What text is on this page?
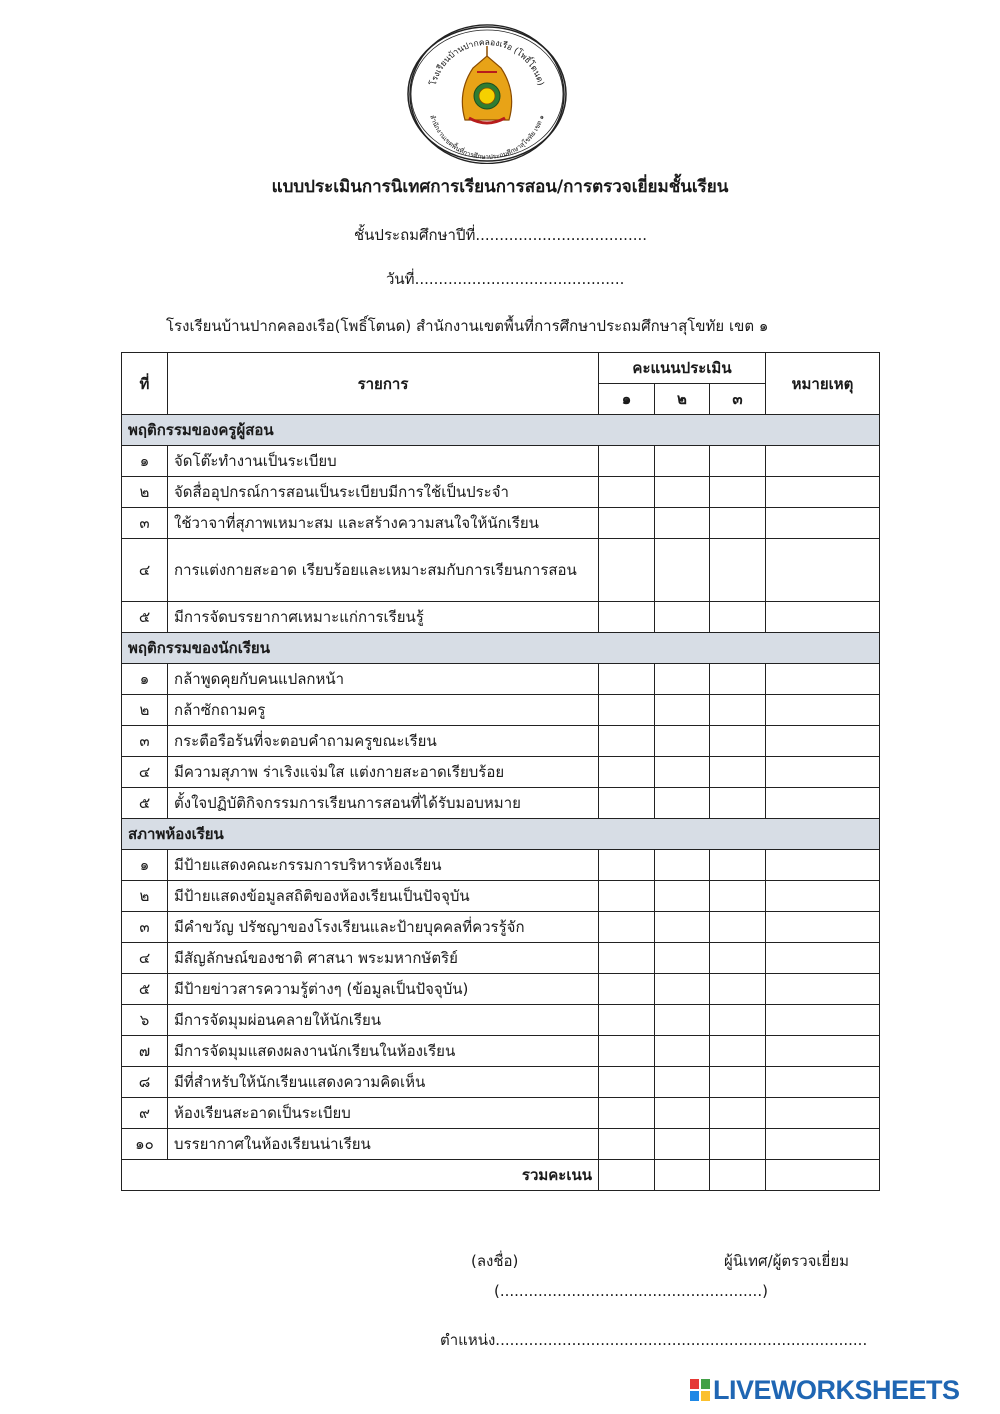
โรงเรียนบ้านปากคลองเรือ (โพธิ์โตนด)
สำนักงานเขตพื้นที่การศึกษาประถมศึกษาสุโขทัย เขต ๑
แบบประเมินการนิเทศการเรียนการสอน/การตรวจเยี่ยมชั้นเรียน
ชั้นประถมศึกษาปีที่....................................
วันที่............................................
โรงเรียนบ้านปากคลองเรือ(โพธิ์โตนด) สำนักงานเขตพื้นที่การศึกษาประถมศึกษาสุโขทัย เขต ๑
ที่	รายการ	คะแนนประเมิน			หมายเหตุ
		๑	๒	๓	
พฤติกรรมของครูผู้สอน					
๑	จัดโต๊ะทำงานเป็นระเบียบ				
๒	จัดสื่ออุปกรณ์การสอนเป็นระเบียบมีการใช้เป็นประจำ				
๓	ใช้วาจาที่สุภาพเหมาะสม และสร้างความสนใจให้นักเรียน				
๔	การแต่งกายสะอาด เรียบร้อยและเหมาะสมกับการเรียนการสอน				
๕	มีการจัดบรรยากาศเหมาะแก่การเรียนรู้				
พฤติกรรมของนักเรียน					
๑	กล้าพูดคุยกับคนแปลกหน้า				
๒	กล้าซักถามครู				
๓	กระตือรือร้นที่จะตอบคำถามครูขณะเรียน				
๔	มีความสุภาพ ร่าเริงแจ่มใส แต่งกายสะอาดเรียบร้อย				
๕	ตั้งใจปฏิบัติกิจกรรมการเรียนการสอนที่ได้รับมอบหมาย				
สภาพห้องเรียน					
๑	มีป้ายแสดงคณะกรรมการบริหารห้องเรียน				
๒	มีป้ายแสดงข้อมูลสถิติของห้องเรียนเป็นปัจจุบัน				
๓	มีคำขวัญ ปรัชญาของโรงเรียนและป้ายบุคคลที่ควรรู้จัก				
๔	มีสัญลักษณ์ของชาติ ศาสนา พระมหากษัตริย์				
๕	มีป้ายข่าวสารความรู้ต่างๆ (ข้อมูลเป็นปัจจุบัน)				
๖	มีการจัดมุมผ่อนคลายให้นักเรียน				
๗	มีการจัดมุมแสดงผลงานนักเรียนในห้องเรียน				
๘	มีที่สำหรับให้นักเรียนแสดงความคิดเห็น				
๙	ห้องเรียนสะอาดเป็นระเบียบ				
๑๐	บรรยากาศในห้องเรียนน่าเรียน				
รวมคะเนน					
(ลงชื่อ)	ผู้นิเทศ/ผู้ตรวจเยี่ยม
(.......................................................)
ตำแหน่ง..............................................................................
LIVEWORKSHEETS
